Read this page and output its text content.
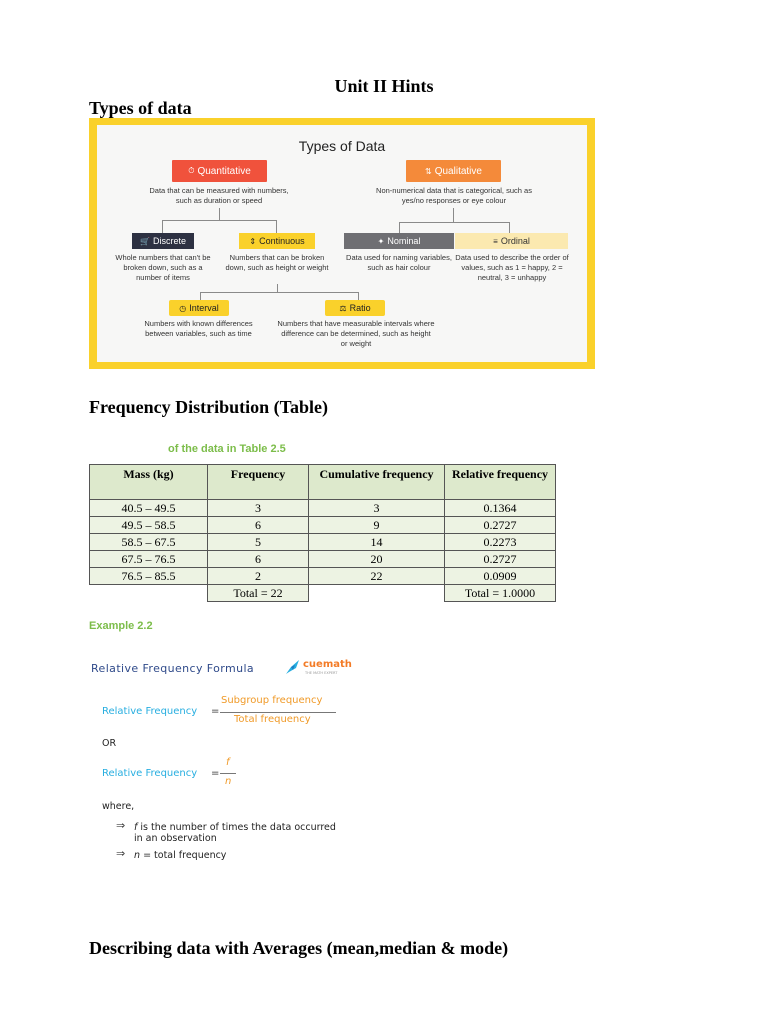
Unit II Hints
Types of data
Types of Data
⏱ Quantitative
Data that can be measured with numbers, such as duration or speed
⇅ Qualitative
Non-numerical data that is categorical, such as yes/no responses or eye colour
🛒 Discrete
Whole numbers that can't be broken down, such as a number of items
⇕ Continuous
Numbers that can be broken down, such as height or weight
✦ Nominal
Data used for naming variables, such as hair colour
≡ Ordinal
Data used to describe the order of values, such as 1 = happy, 2 = neutral, 3 = unhappy
◷ Interval
Numbers with known differences between variables, such as time
⚖ Ratio
Numbers that have measurable intervals where difference can be determined, such as height or weight
Frequency Distribution (Table)
of the data in Table 2.5
Mass (kg)	Frequency	Cumulative frequency	Relative frequency
40.5 – 49.5	3	3	0.1364
49.5 – 58.5	6	9	0.2727
58.5 – 67.5	5	14	0.2273
67.5 – 76.5	6	20	0.2727
76.5 – 85.5	2	22	0.0909
	Total = 22		Total = 1.0000
Example 2.2
Relative Frequency Formula	cuemath
THE MATH EXPERT
Relative Frequency =
Subgroup frequency
Total frequency
OR
Relative Frequency =
f
n
where,
⇒ f is the number of times the data occurred
in an observation
⇒ n = total frequency
Describing data with Averages (mean,median & mode)
